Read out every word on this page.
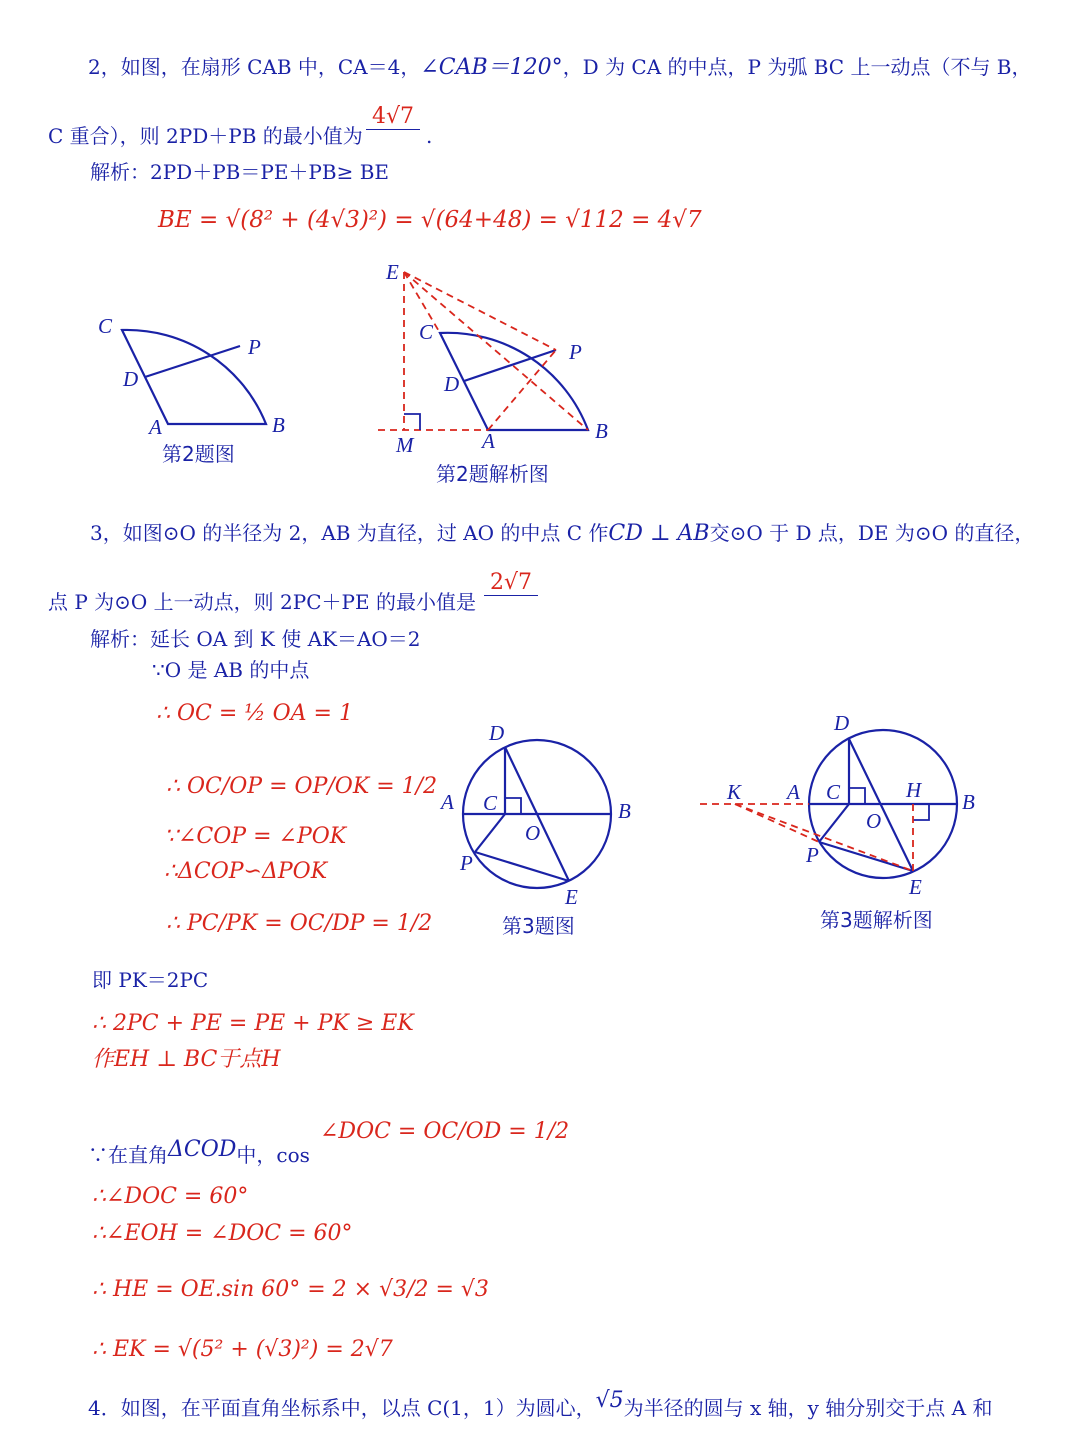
2，如图，在扇形 CAB 中，CA＝4，∠CAB＝120°，D 为 CA 的中点，P 为弧 BC 上一动点（不与 B，
C 重合），则 2PD＋PB 的最小值为
4√7
.
解析：2PD＋PB＝PE＋PB≥ BE
BE = √(8² + (4√3)²) = √(64+48) = √112 = 4√7
3，如图⊙O 的半径为 2，AB 为直径，过 AO 的中点 C 作CD ⊥ AB交⊙O 于 D 点，DE 为⊙O 的直径，
点 P 为⊙O 上一动点，则 2PC＋PE 的最小值是
2√7
解析：延长 OA 到 K 使 AK＝AO＝2
∵O 是 AB 的中点
∴ OC = ½ OA = 1
∴ OC/OP = OP/OK = 1/2
∵∠COP = ∠POK
∴ΔCOP∽ΔPOK
∴ PC/PK = OC/DP = 1/2
即 PK＝2PC
∴ 2PC + PE = PE + PK ≥ EK
作EH ⊥ BC于点H
∵在直角ΔCOD中，cos
∠DOC = OC/OD = 1/2
∴∠DOC = 60°
∴∠EOH = ∠DOC = 60°
∴ HE = OE.sin 60° = 2 × √3/2 = √3
∴ EK = √(5² + (√3)²) = 2√7
4．如图，在平面直角坐标系中，以点 C(1，1）为圆心，√5为半径的圆与 x 轴，y 轴分别交于点 A 和
C
P
D
A	B
E
C
P
D
M	A	B
D
A C	B
O
P
E
D
K A C	H B
O
P
E
第2题图
第2题解析图
第3题图	第3题解析图
